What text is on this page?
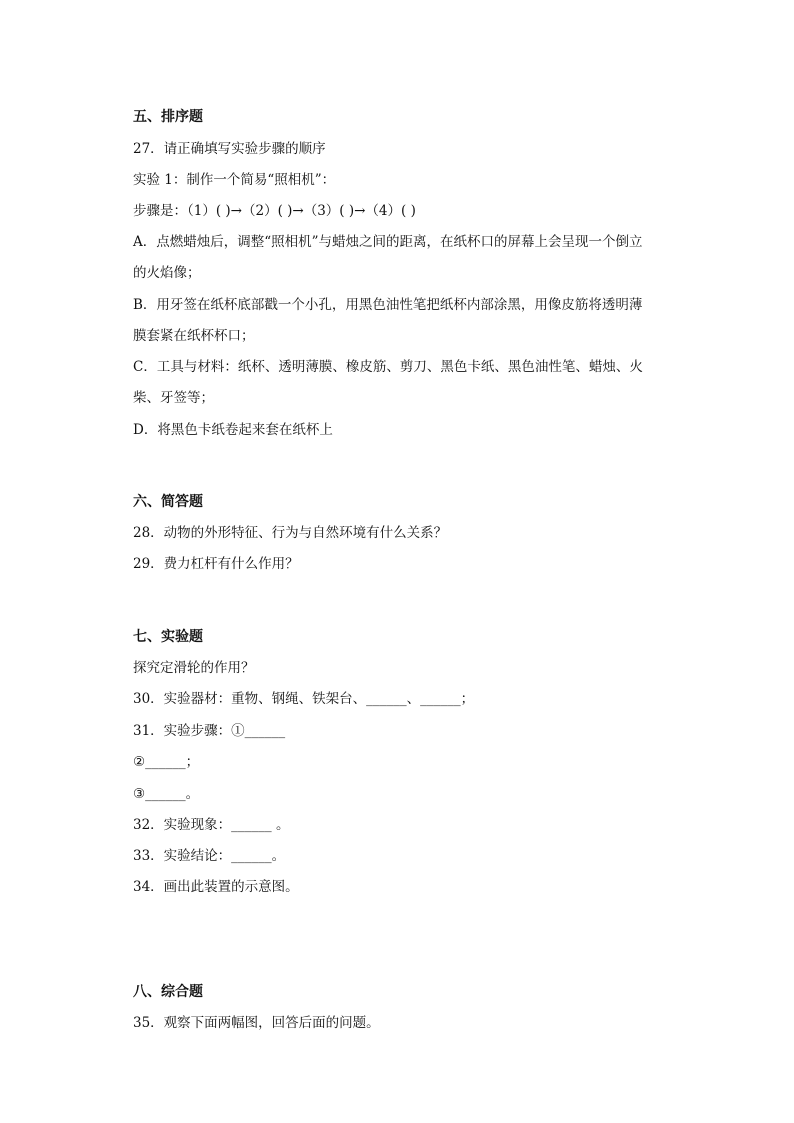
五、排序题
27．请正确填写实验步骤的顺序
实验 1：制作一个简易“照相机”：
步骤是：（1）( )→（2）( )→（3）( )→（4）( )
A．点燃蜡烛后，调整“照相机”与蜡烛之间的距离，在纸杯口的屏幕上会呈现一个倒立
的火焰像；
B．用牙签在纸杯底部戳一个小孔，用黑色油性笔把纸杯内部涂黑，用像皮筋将透明薄
膜套紧在纸杯杯口；
C．工具与材料：纸杯、透明薄膜、橡皮筋、剪刀、黑色卡纸、黑色油性笔、蜡烛、火
柴、牙签等；
D．将黑色卡纸卷起来套在纸杯上
六、简答题
28．动物的外形特征、行为与自然环境有什么关系？
29．费力杠杆有什么作用？
七、实验题
探究定滑轮的作用？
30．实验器材：重物、钢绳、铁架台、______、______；
31．实验步骤：①______
②______；
③______。
32．实验现象：______ 。
33．实验结论：______。
34．画出此装置的示意图。
八、综合题
35．观察下面两幅图，回答后面的问题。
